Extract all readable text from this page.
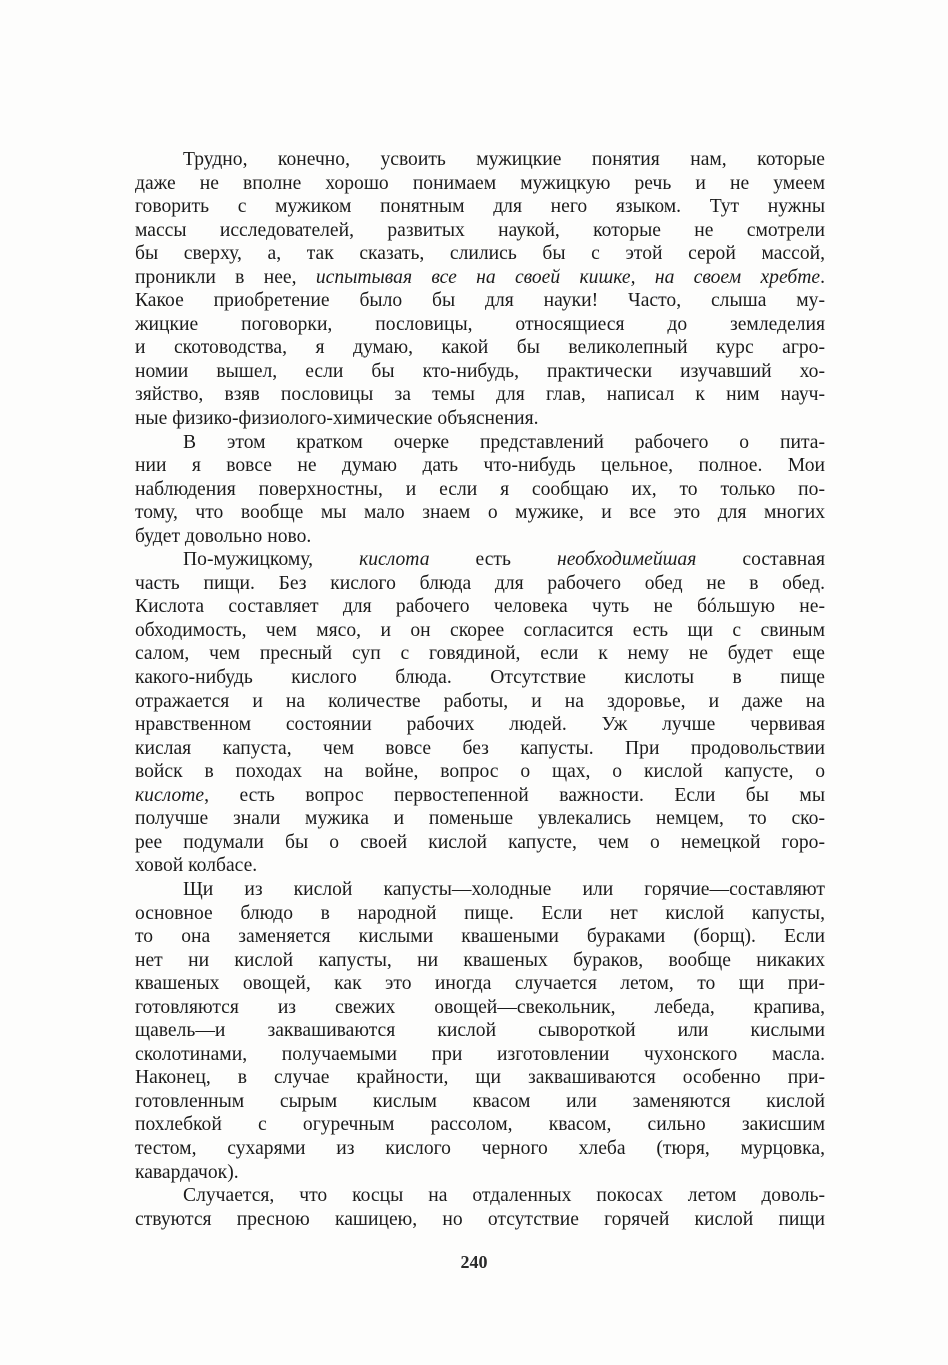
Трудно, конечно, усвоить мужицкие понятия нам, которые
даже не вполне хорошо понимаем мужицкую речь и не умеем
говорить с мужиком понятным для него языком. Тут нужны
массы исследователей, развитых наукой, которые не смотрели
бы сверху, а, так сказать, слились бы с этой серой массой,
проникли в нее, испытывая все на своей кишке, на своем хребте.
Какое приобретение было бы для науки! Часто, слыша му-
жицкие поговорки, пословицы, относящиеся до земледелия
и скотоводства, я думаю, какой бы великолепный курс агро-
номии вышел, если бы кто-нибудь, практически изучавший хо-
зяйство, взяв пословицы за темы для глав, написал к ним науч-
ные физико-физиолого-химические объяснения.
В этом кратком очерке представлений рабочего о пита-
нии я вовсе не думаю дать что-нибудь цельное, полное. Мои
наблюдения поверхностны, и если я сообщаю их, то только по-
тому, что вообще мы мало знаем о мужике, и все это для многих
будет довольно ново.
По-мужицкому, кислота есть необходимейшая составная
часть пищи. Без кислого блюда для рабочего обед не в обед.
Кислота составляет для рабочего человека чуть не бóльшую не-
обходимость, чем мясо, и он скорее согласится есть щи с свиным
салом, чем пресный суп с говядиной, если к нему не будет еще
какого-нибудь кислого блюда. Отсутствие кислоты в пище
отражается и на количестве работы, и на здоровье, и даже на
нравственном состоянии рабочих людей. Уж лучше червивая
кислая капуста, чем вовсе без капусты. При продовольствии
войск в походах на войне, вопрос о щах, о кислой капусте, о
кислоте, есть вопрос первостепенной важности. Если бы мы
получше знали мужика и поменьше увлекались немцем, то ско-
рее подумали бы о своей кислой капусте, чем о немецкой горо-
ховой колбасе.
Щи из кислой капусты—холодные или горячие—составляют
основное блюдо в народной пище. Если нет кислой капусты,
то она заменяется кислыми квашеными бураками (борщ). Если
нет ни кислой капусты, ни квашеных бураков, вообще никаких
квашеных овощей, как это иногда случается летом, то щи при-
готовляются из свежих овощей—свекольник, лебеда, крапива,
щавель—и заквашиваются кислой сывороткой или кислыми
сколотинами, получаемыми при изготовлении чухонского масла.
Наконец, в случае крайности, щи заквашиваются особенно при-
готовленным сырым кислым квасом или заменяются кислой
похлебкой с огуречным рассолом, квасом, сильно закисшим
тестом, сухарями из кислого черного хлеба (тюря, мурцовка,
кавардачок).
Случается, что косцы на отдаленных покосах летом доволь-
ствуются пресною кашицею, но отсутствие горячей кислой пищи
240
